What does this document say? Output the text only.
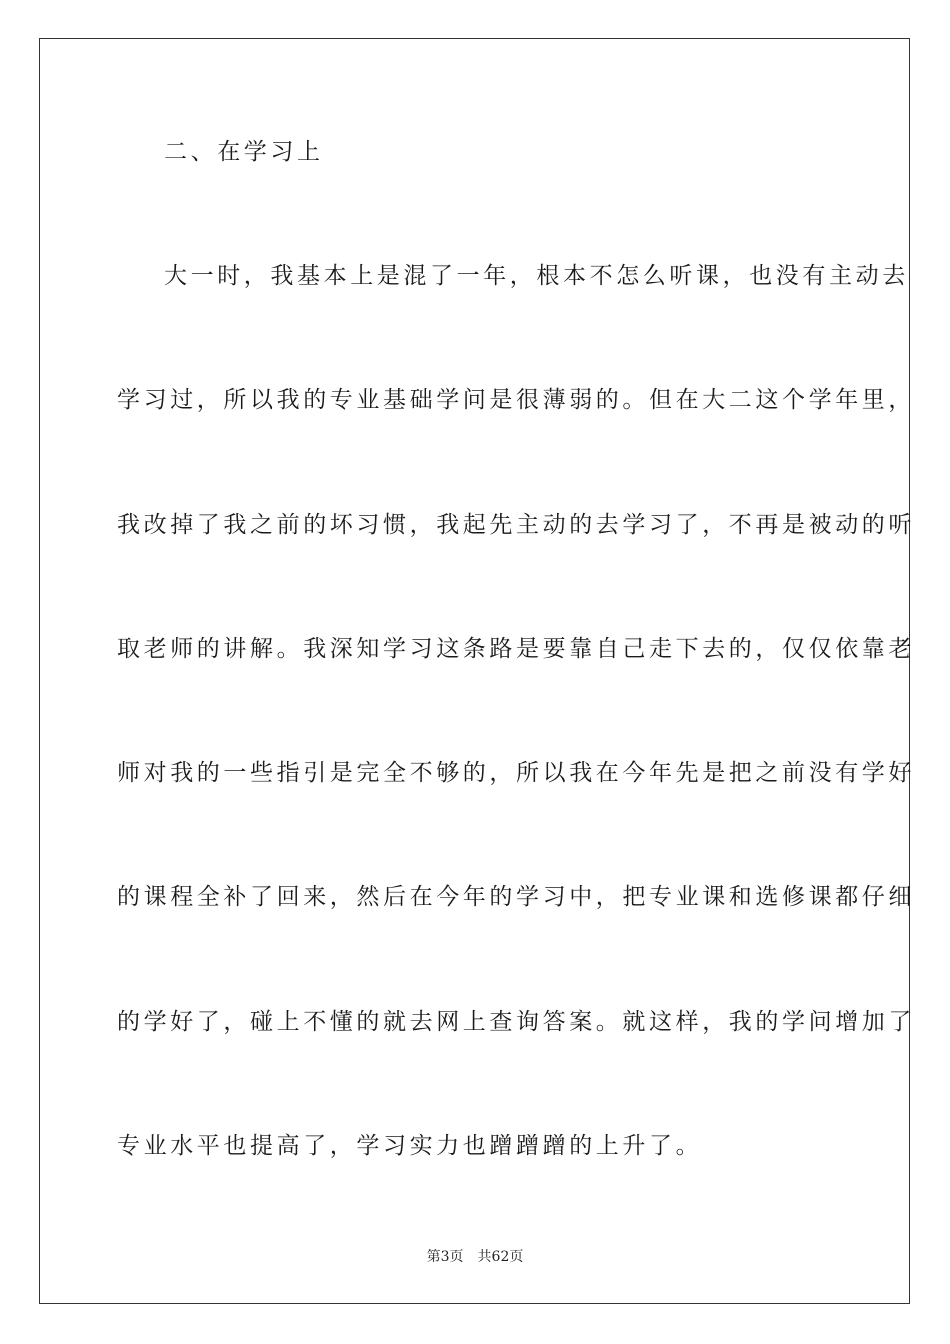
二、在学习上
大一时，我基本上是混了一年，根本不怎么听课，也没有主动去
学习过，所以我的专业基础学问是很薄弱的。但在大二这个学年里，
我改掉了我之前的坏习惯，我起先主动的去学习了，不再是被动的听
取老师的讲解。我深知学习这条路是要靠自己走下去的，仅仅依靠老
师对我的一些指引是完全不够的，所以我在今年先是把之前没有学好
的课程全补了回来，然后在今年的学习中，把专业课和选修课都仔细
的学好了，碰上不懂的就去网上查询答案。就这样，我的学问增加了
专业水平也提高了，学习实力也蹭蹭蹭的上升了。
第3页 共62页
